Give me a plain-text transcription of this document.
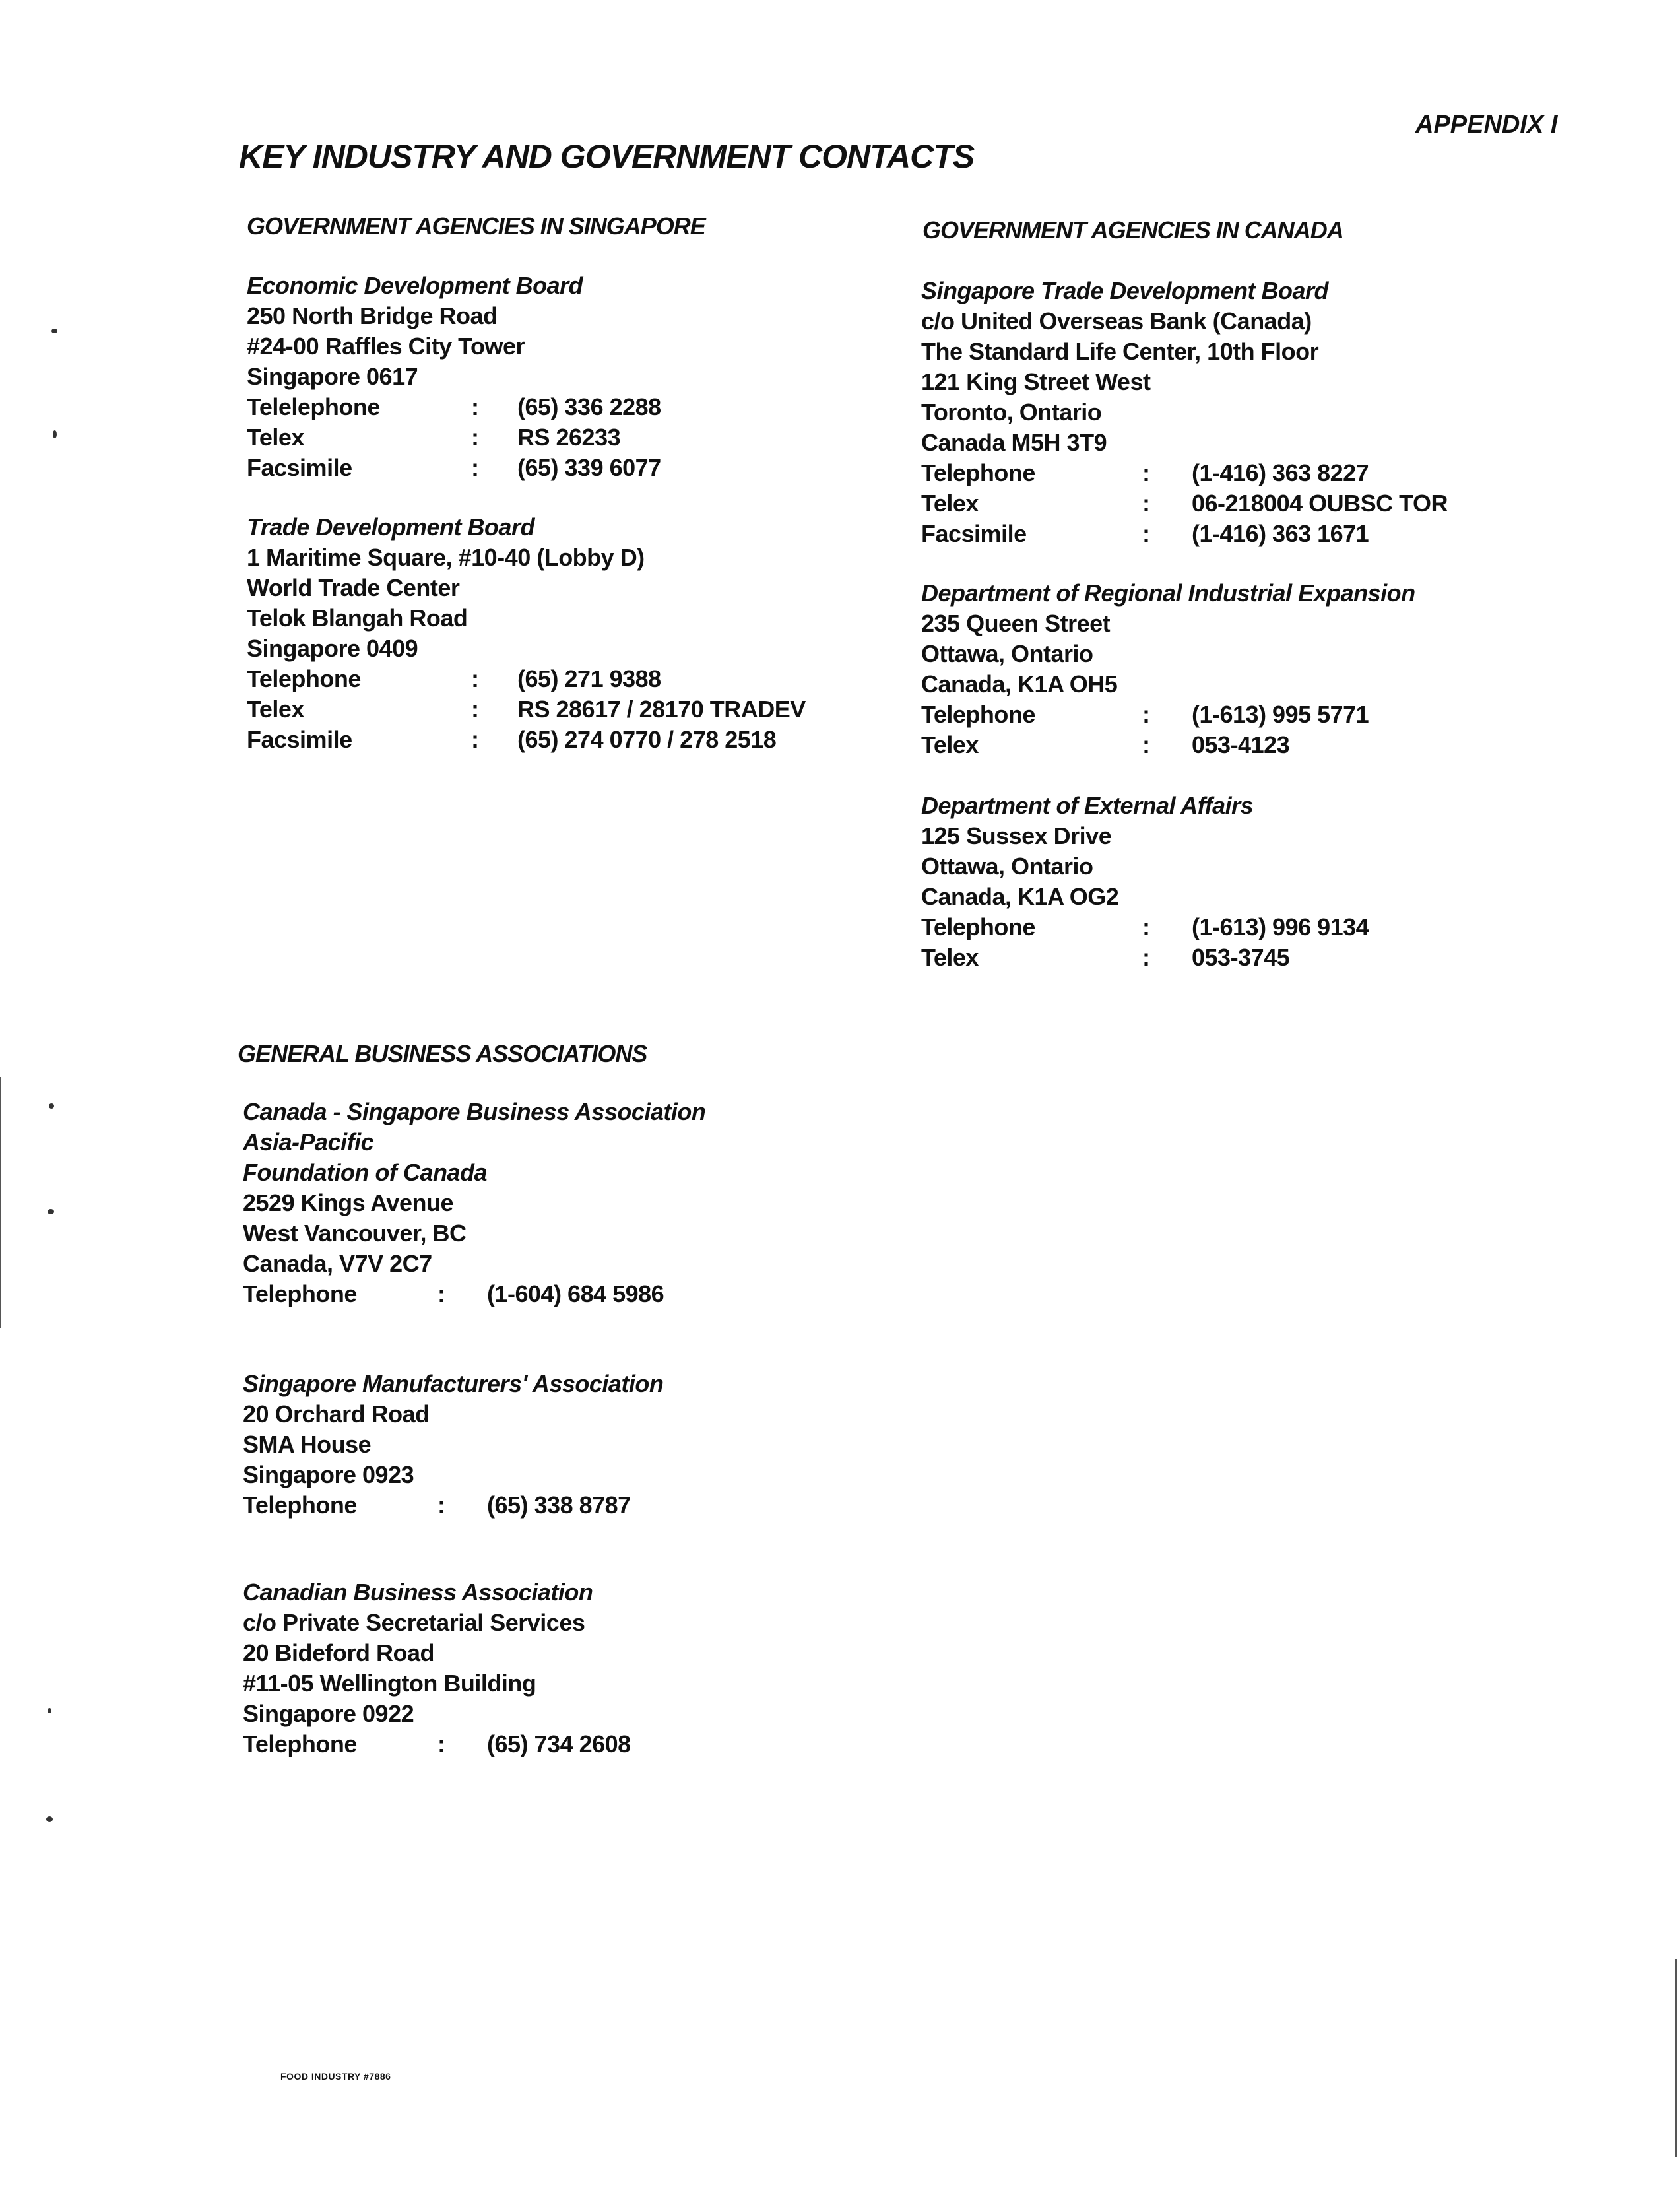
APPENDIX I
KEY INDUSTRY AND GOVERNMENT CONTACTS
GOVERNMENT AGENCIES IN SINGAPORE
Economic Development Board
250 North Bridge Road
#24-00 Raffles City Tower
Singapore 0617
Telelephone	:	(65) 336 2288
Telex	:	RS 26233
Facsimile	:	(65) 339 6077
Trade Development Board
1 Maritime Square, #10-40 (Lobby D)
World Trade Center
Telok Blangah Road
Singapore 0409
Telephone	:	(65) 271 9388
Telex	:	RS 28617 / 28170 TRADEV
Facsimile	:	(65) 274 0770 / 278 2518
GOVERNMENT AGENCIES IN CANADA
Singapore Trade Development Board
c/o United Overseas Bank (Canada)
The Standard Life Center, 10th Floor
121 King Street West
Toronto, Ontario
Canada M5H 3T9
Telephone	:	(1-416) 363 8227
Telex	:	06-218004 OUBSC TOR
Facsimile	:	(1-416) 363 1671
Department of Regional Industrial Expansion
235 Queen Street
Ottawa, Ontario
Canada, K1A OH5
Telephone	:	(1-613) 995 5771
Telex	:	053-4123
Department of External Affairs
125 Sussex Drive
Ottawa, Ontario
Canada, K1A OG2
Telephone	:	(1-613) 996 9134
Telex	:	053-3745
GENERAL BUSINESS ASSOCIATIONS
Canada - Singapore Business Association
Asia-Pacific
Foundation of Canada
2529 Kings Avenue
West Vancouver, BC
Canada, V7V 2C7
Telephone	:	(1-604) 684 5986
Singapore Manufacturers' Association
20 Orchard Road
SMA House
Singapore 0923
Telephone	:	(65) 338 8787
Canadian Business Association
c/o Private Secretarial Services
20 Bideford Road
#11-05 Wellington Building
Singapore 0922
Telephone	:	(65) 734 2608
FOOD INDUSTRY #7886
